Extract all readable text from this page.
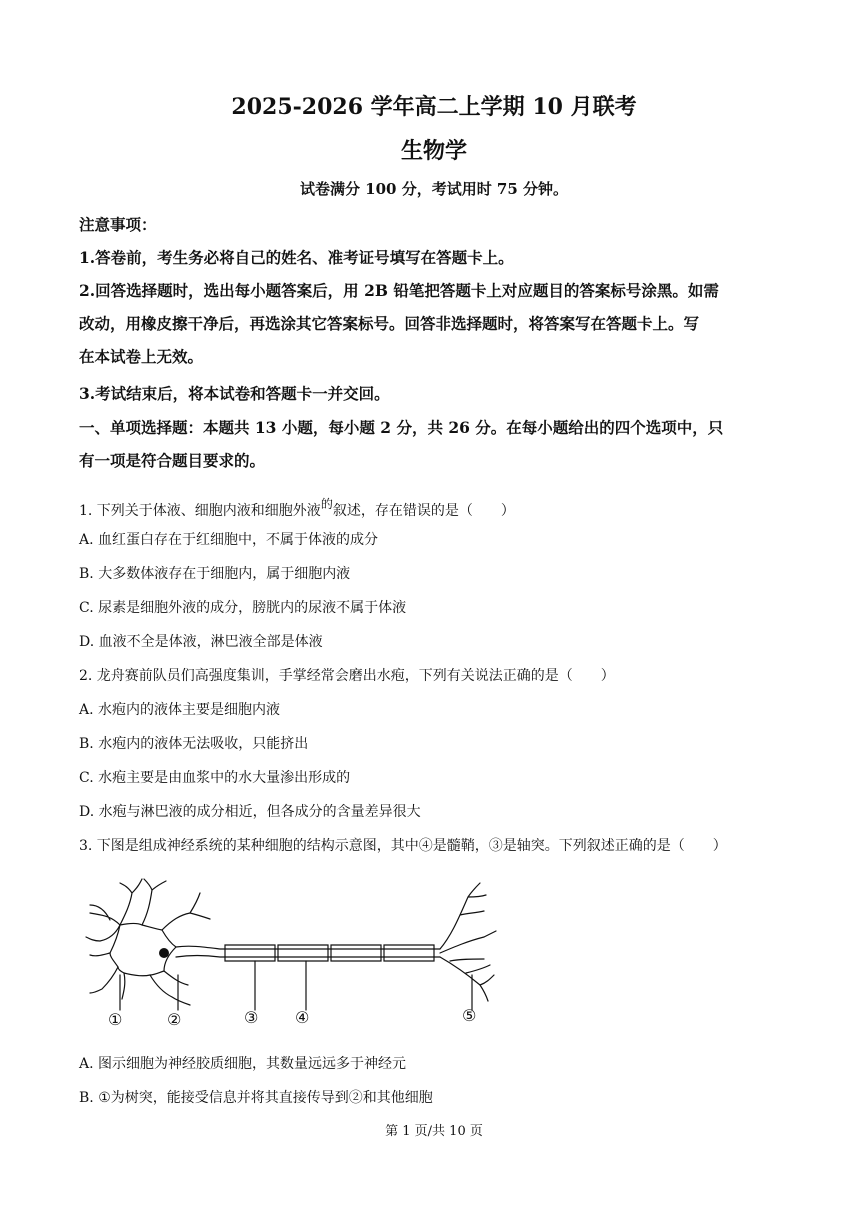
2025-2026 学年高二上学期 10 月联考
生物学
试卷满分 100 分，考试用时 75 分钟。
注意事项：
1.答卷前，考生务必将自己的姓名、准考证号填写在答题卡上。
2.回答选择题时，选出每小题答案后，用 2B 铅笔把答题卡上对应题目的答案标号涂黑。如需
改动，用橡皮擦干净后，再选涂其它答案标号。回答非选择题时，将答案写在答题卡上。写
在本试卷上无效。
3.考试结束后，将本试卷和答题卡一并交回。
一、单项选择题：本题共 13 小题，每小题 2 分，共 26 分。在每小题给出的四个选项中，只
有一项是符合题目要求的。
1. 下列关于体液、细胞内液和细胞外液的叙述，存在错误的是（　　）
A. 血红蛋白存在于红细胞中，不属于体液的成分
B. 大多数体液存在于细胞内，属于细胞内液
C. 尿素是细胞外液的成分，膀胱内的尿液不属于体液
D. 血液不全是体液，淋巴液全部是体液
2. 龙舟赛前队员们高强度集训，手掌经常会磨出水疱，下列有关说法正确的是（　　）
A. 水疱内的液体主要是细胞内液
B. 水疱内的液体无法吸收，只能挤出
C. 水疱主要是由血浆中的水大量渗出形成的
D. 水疱与淋巴液的成分相近，但各成分的含量差异很大
3. 下图是组成神经系统的某种细胞的结构示意图，其中④是髓鞘，③是轴突。下列叙述正确的是（　　）
①	②	③ ④	⑤
A. 图示细胞为神经胶质细胞，其数量远远多于神经元
B. ①为树突，能接受信息并将其直接传导到②和其他细胞
第 1 页/共 10 页
